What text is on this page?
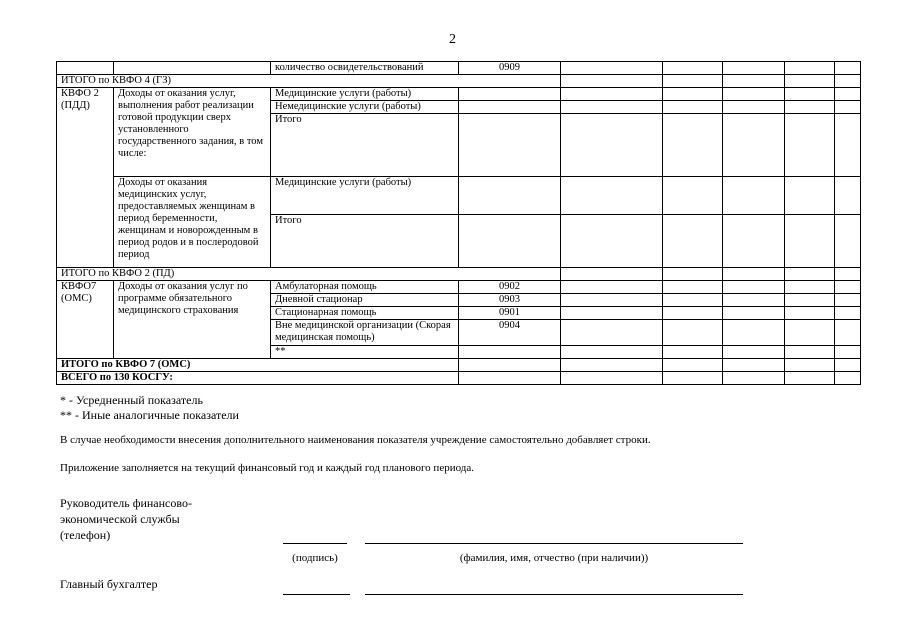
2
		количество освидетельствований	0909					
ИТОГО по КВФО 4 (ГЗ)								

КВФО 2
(ПДД)	Доходы от оказания услуг, выполнения работ реализации готовой продукции сверх установленного государственного задания, в том числе:	Медицинские услуги (работы)						
		Немедицинские услуги (работы)						
		Итого						
	Доходы от оказания медицинских услуг, предоставляемых женщинам в период беременности, женщинам и новорожденным в период родов и в послеродовой период	Медицинские услуги (работы)						
		Итого						
ИТОГО по КВФО 2 (ПД)								

КВФО7
(ОМС)	Доходы от оказания услуг по программе обязательного медицинского страхования	Амбулаторная помощь	0902					
		Дневной стационар	0903					
		Стационарная помощь	0901					
		Вне медицинской организации (Скорая медицинская помощь)	0904					
		**						
ИТОГО по КВФО 7 (ОМС)								
ВСЕГО по 130 КОСГУ:								
* - Усредненный показатель
** - Иные аналогичные показатели
В случае необходимости внесения дополнительного наименования показателя учреждение самостоятельно добавляет строки.
Приложение заполняется на текущий финансовый год и каждый год планового периода.
Руководитель финансово-
экономической службы
(телефон)
(подпись)	(фамилия, имя, отчество (при наличии))
Главный бухгалтер
